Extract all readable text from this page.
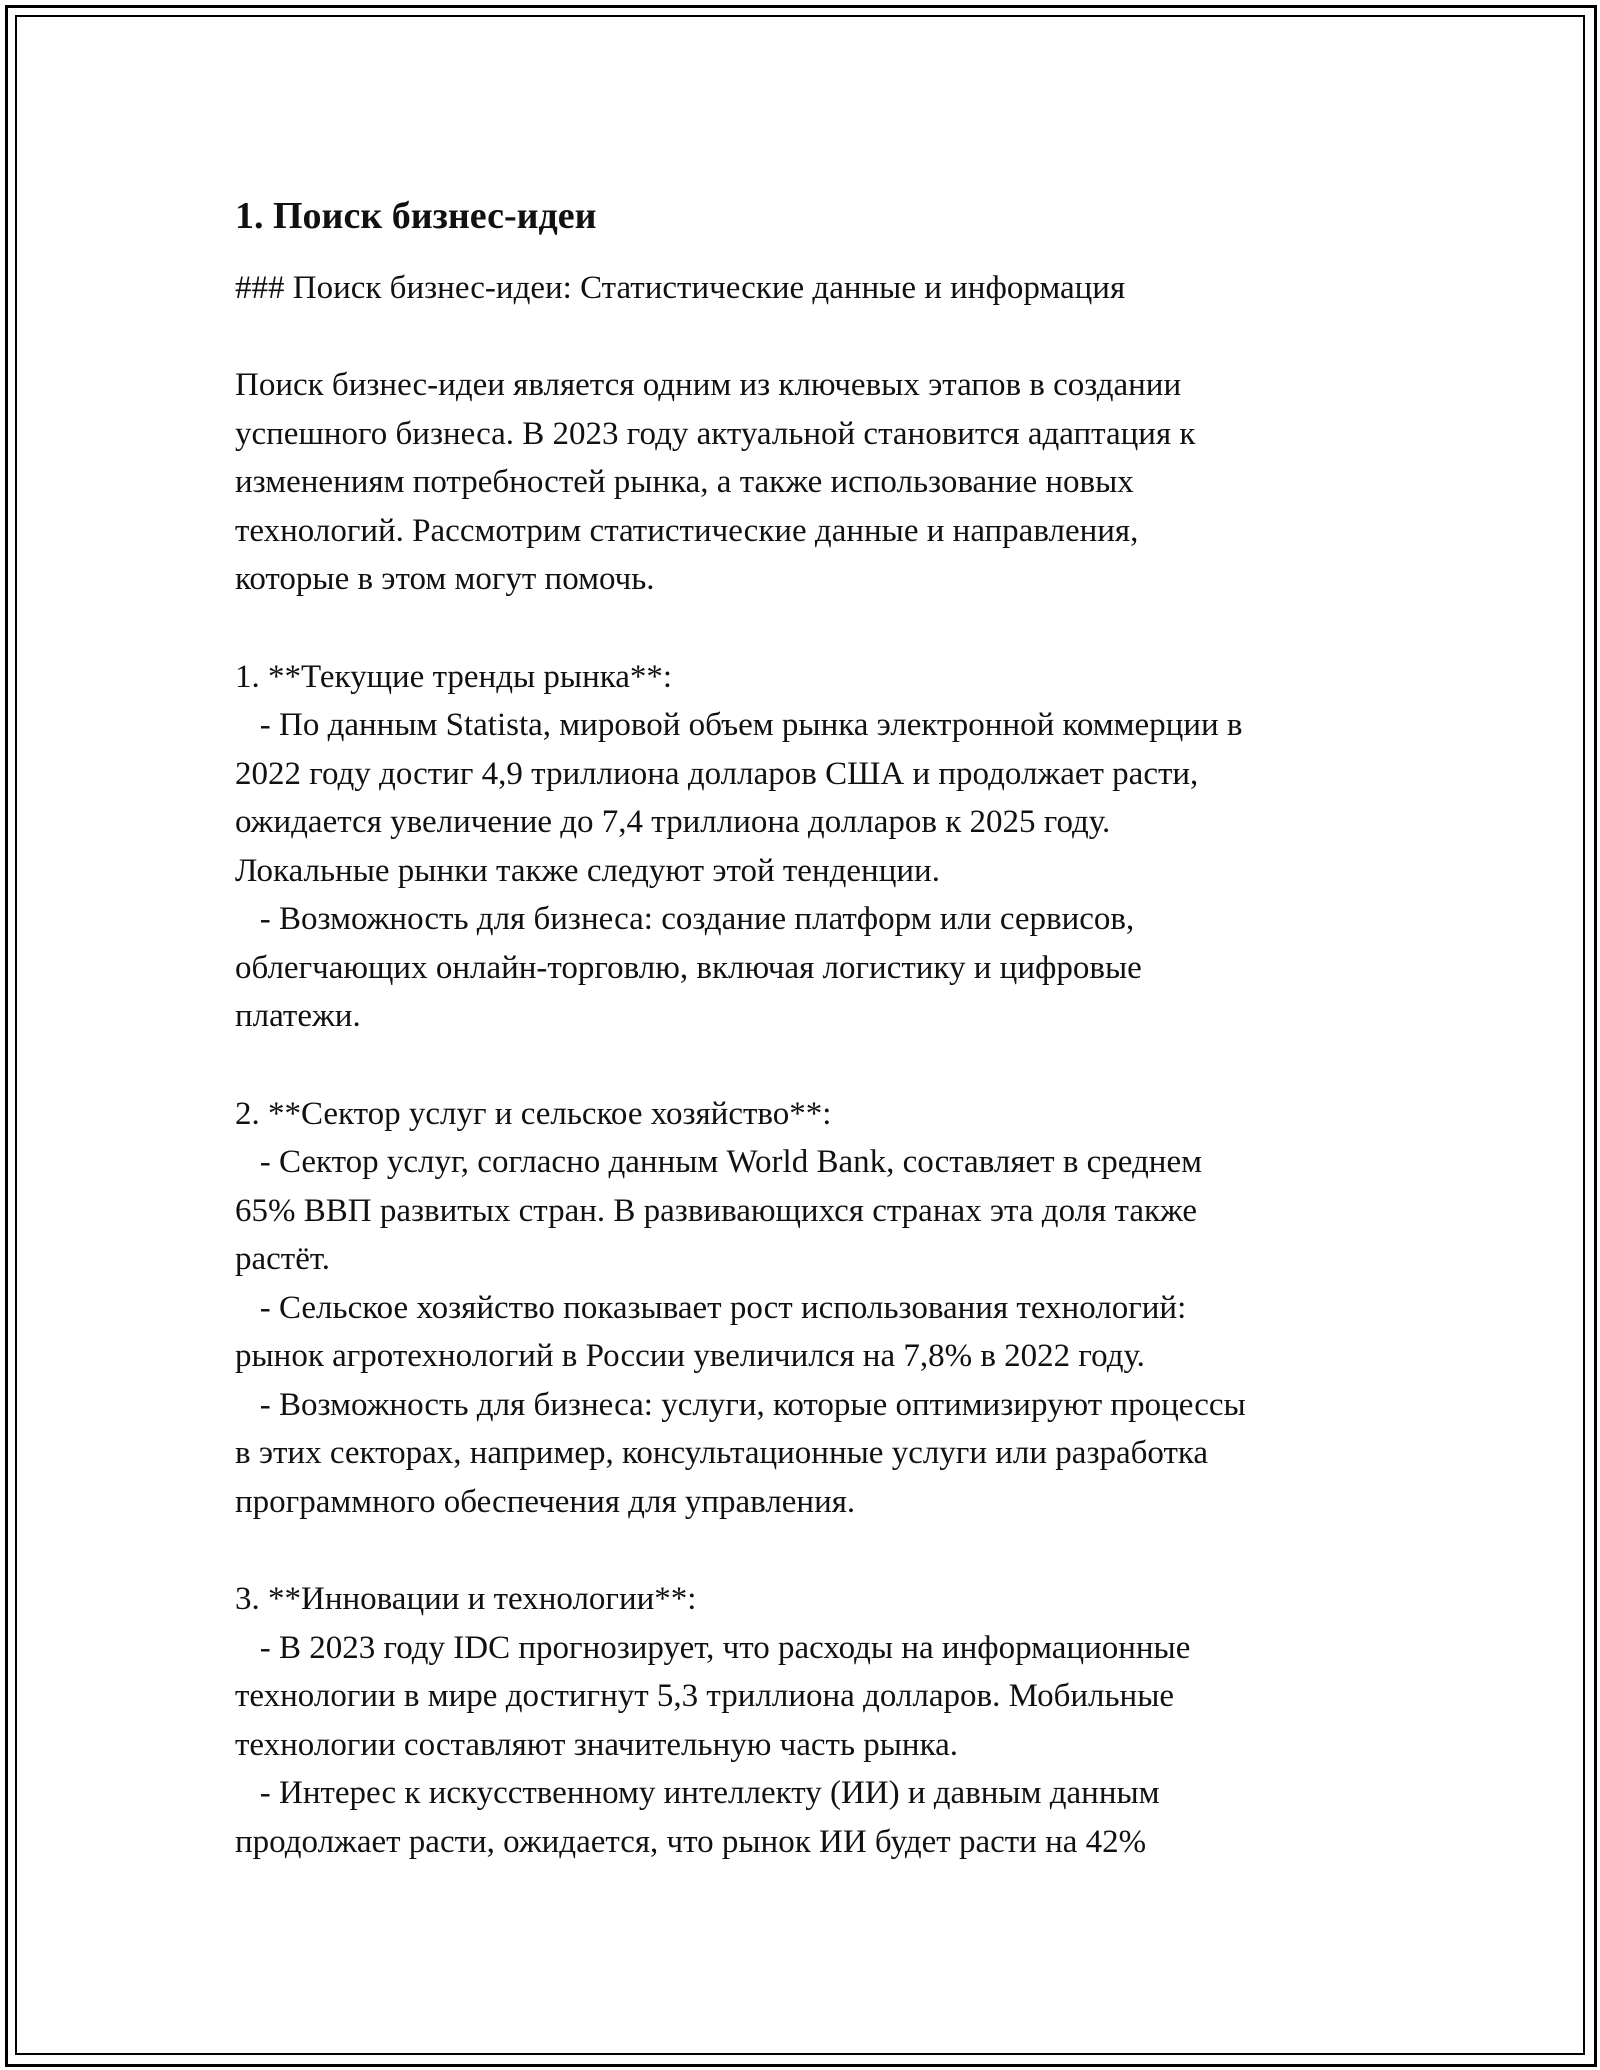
1. Поиск бизнес-идеи

### Поиск бизнес-идеи: Статистические данные и информация

Поиск бизнес-идеи является одним из ключевых этапов в создании

успешного бизнеса. В 2023 году актуальной становится адаптация к

изменениям потребностей рынка, а также использование новых

технологий. Рассмотрим статистические данные и направления,

которые в этом могут помочь.

1. **Текущие тренды рынка**:

- По данным Statista, мировой объем рынка электронной коммерции в

2022 году достиг 4,9 триллиона долларов США и продолжает расти,

ожидается увеличение до 7,4 триллиона долларов к 2025 году.

Локальные рынки также следуют этой тенденции.

- Возможность для бизнеса: создание платформ или сервисов,

облегчающих онлайн-торговлю, включая логистику и цифровые

платежи.

2. **Сектор услуг и сельское хозяйство**:

- Сектор услуг, согласно данным World Bank, составляет в среднем

65% ВВП развитых стран. В развивающихся странах эта доля также

растёт.

- Сельское хозяйство показывает рост использования технологий:

рынок агротехнологий в России увеличился на 7,8% в 2022 году.

- Возможность для бизнеса: услуги, которые оптимизируют процессы

в этих секторах, например, консультационные услуги или разработка

программного обеспечения для управления.

3. **Инновации и технологии**:

- В 2023 году IDC прогнозирует, что расходы на информационные

технологии в мире достигнут 5,3 триллиона долларов. Мобильные

технологии составляют значительную часть рынка.

- Интерес к искусственному интеллекту (ИИ) и давным данным

продолжает расти, ожидается, что рынок ИИ будет расти на 42%
